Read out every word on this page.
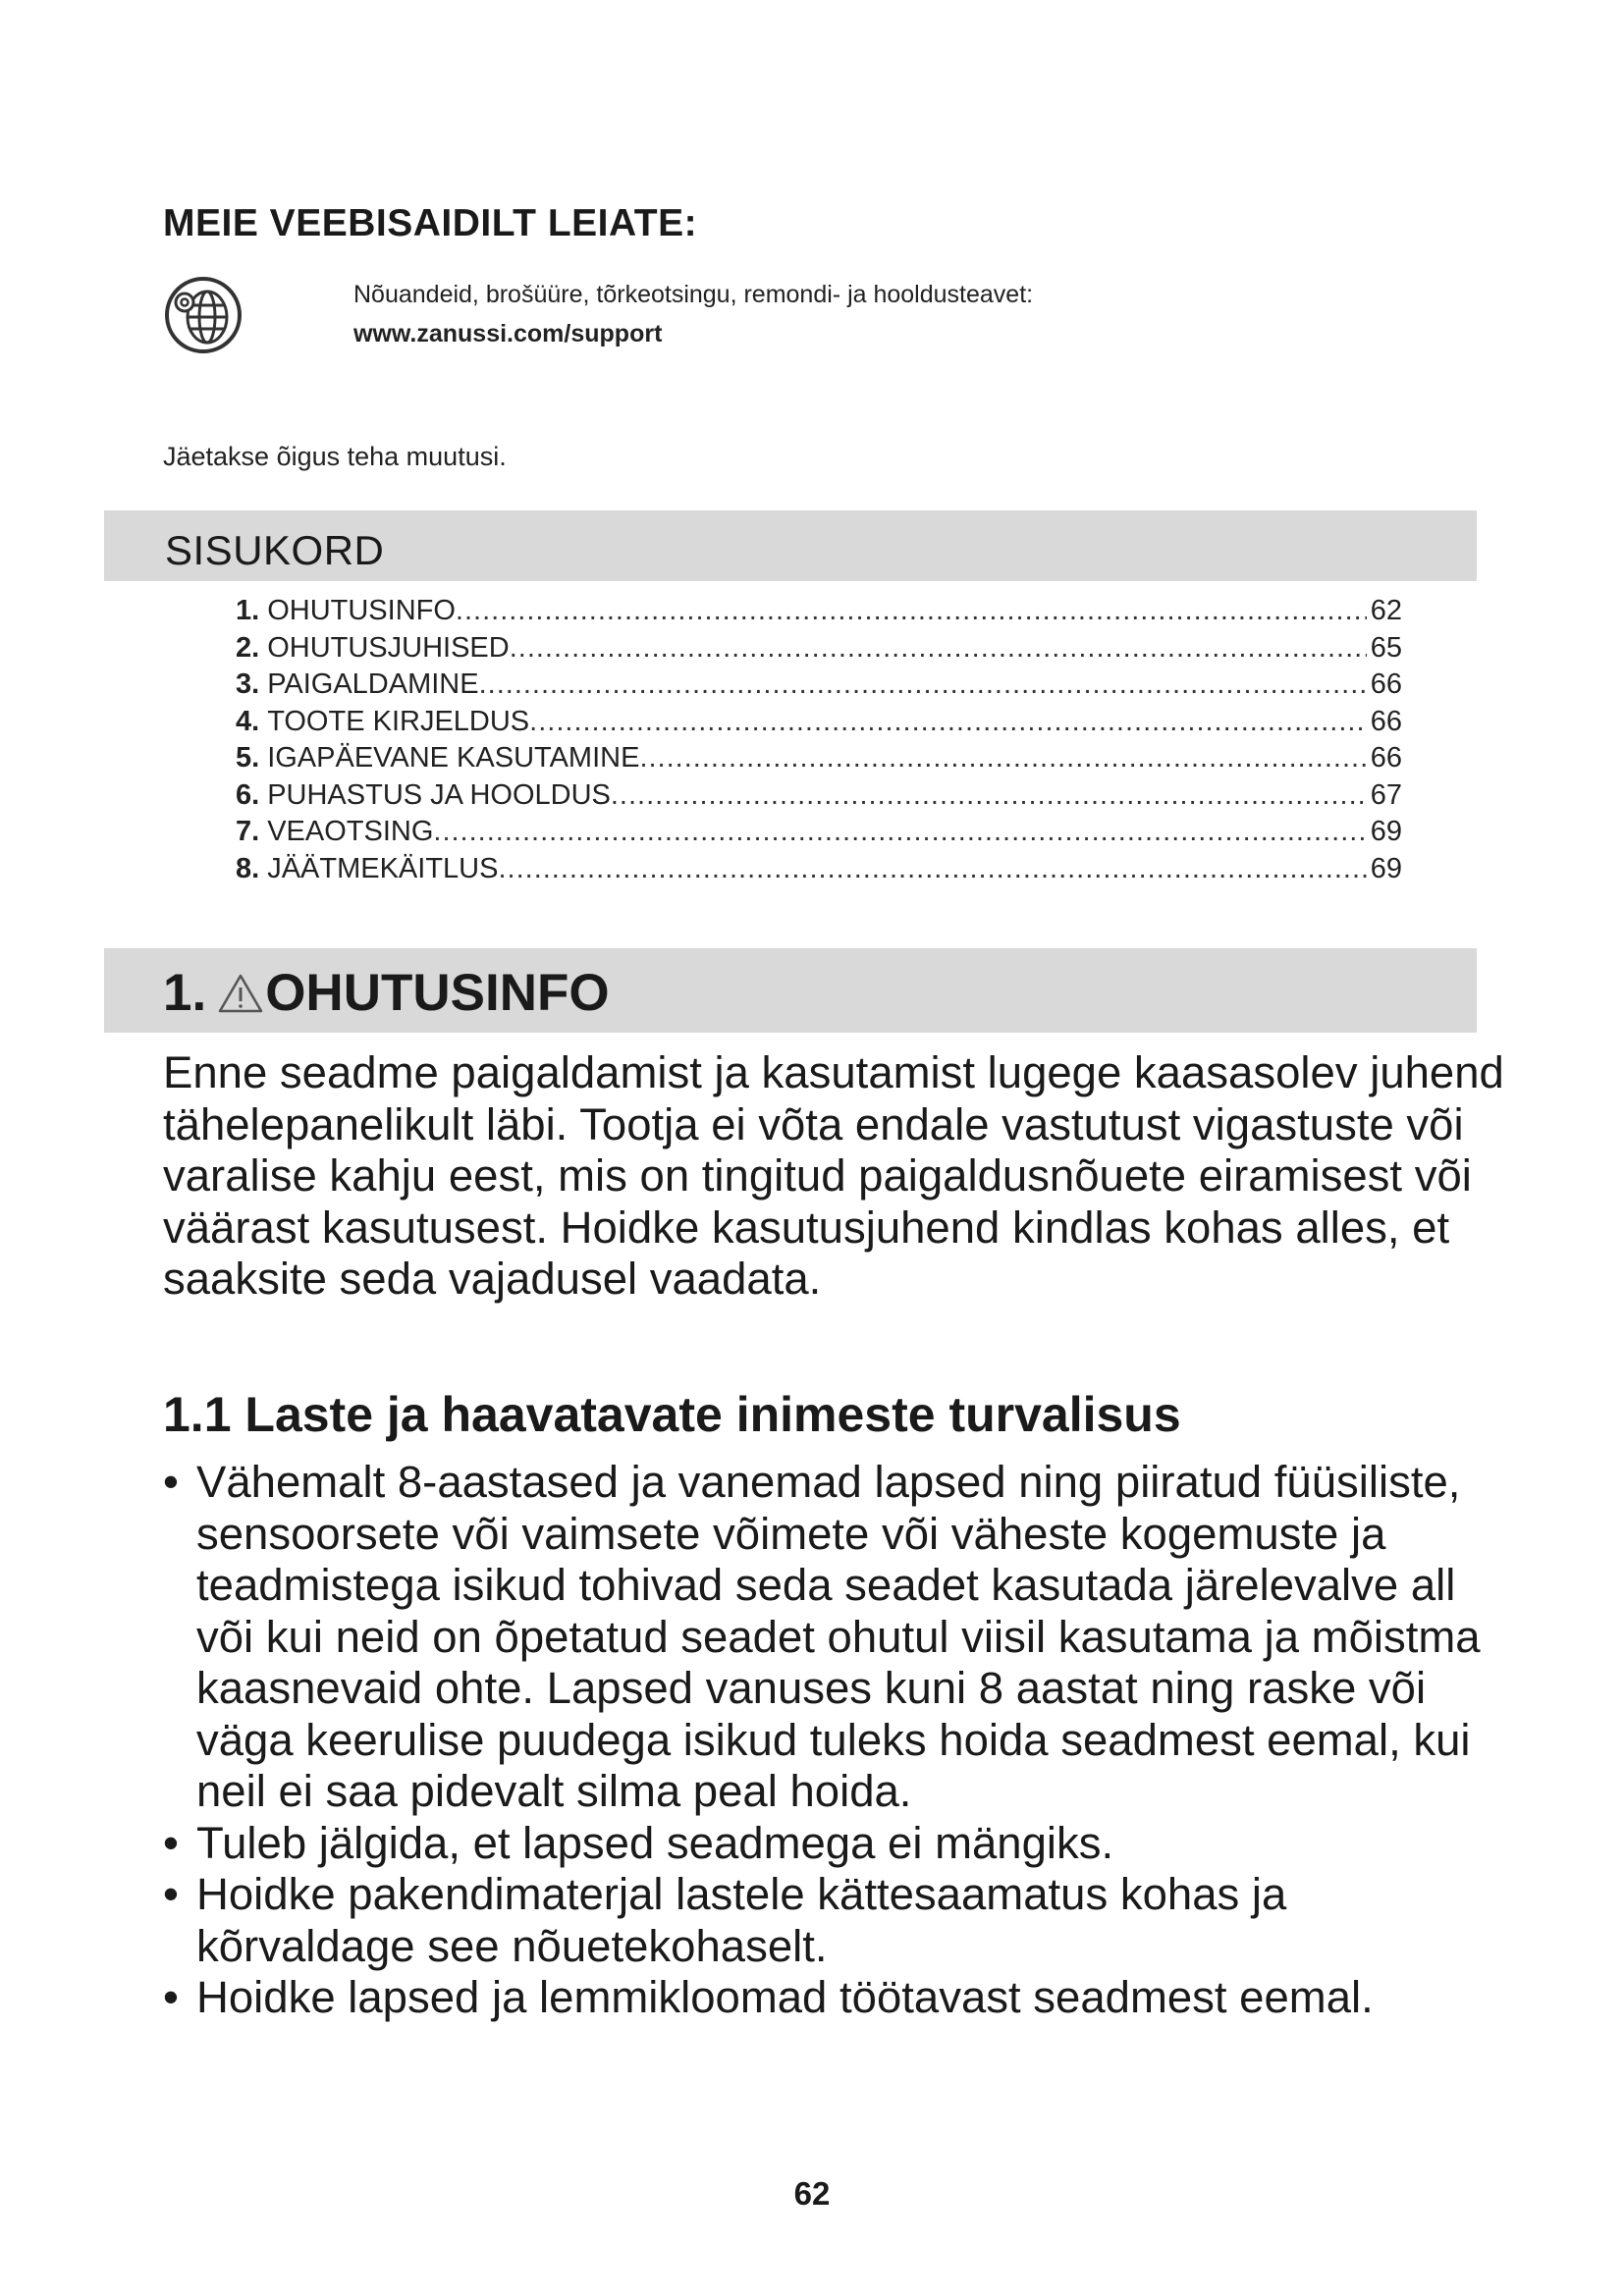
MEIE VEEBISAIDILT LEIATE:
Nõuandeid, brošüüre, tõrkeotsingu, remondi- ja hooldusteavet:
www.zanussi.com/support
Jäetakse õigus teha muutusi.
SISUKORD
1. OHUTUSINFO .....	62
2. OHUTUSJUHISED .....	65
3. PAIGALDAMINE .....	66
4. TOOTE KIRJELDUS .....	66
5. IGAPÄEVANE KASUTAMINE .....	66
6. PUHASTUS JA HOOLDUS .....	67
7. VEAOTSING .....	69
8. JÄÄTMEKÄITLUS .....	69
1. OHUTUSINFO

Enne seadme paigaldamist ja kasutamist lugege kaasasolev juhend tähelepanelikult läbi. Tootja ei võta endale vastutust vigastuste või varalise kahju eest, mis on tingitud paigaldusnõuete eiramisest või väärast kasutusest. Hoidke kasutusjuhend kindlas kohas alles, et saaksite seda vajadusel vaadata.

1.1 Laste ja haavatavate inimeste turvalisus
• Vähemalt 8-aastased ja vanemad lapsed ning piiratud füüsiliste, sensoorsete või vaimsete võimete või väheste kogemuste ja teadmistega isikud tohivad seda seadet kasutada järelevalve all või kui neid on õpetatud seadet ohutul viisil kasutama ja mõistma kaasnevaid ohte. Lapsed vanuses kuni 8 aastat ning raske või väga keerulise puudega isikud tuleks hoida seadmest eemal, kui neil ei saa pidevalt silma peal hoida.
• Tuleb jälgida, et lapsed seadmega ei mängiks.
• Hoidke pakendimaterjal lastele kättesaamatus kohas ja kõrvaldage see nõuetekohaselt.
• Hoidke lapsed ja lemmikloomad töötavast seadmest eemal.
62
